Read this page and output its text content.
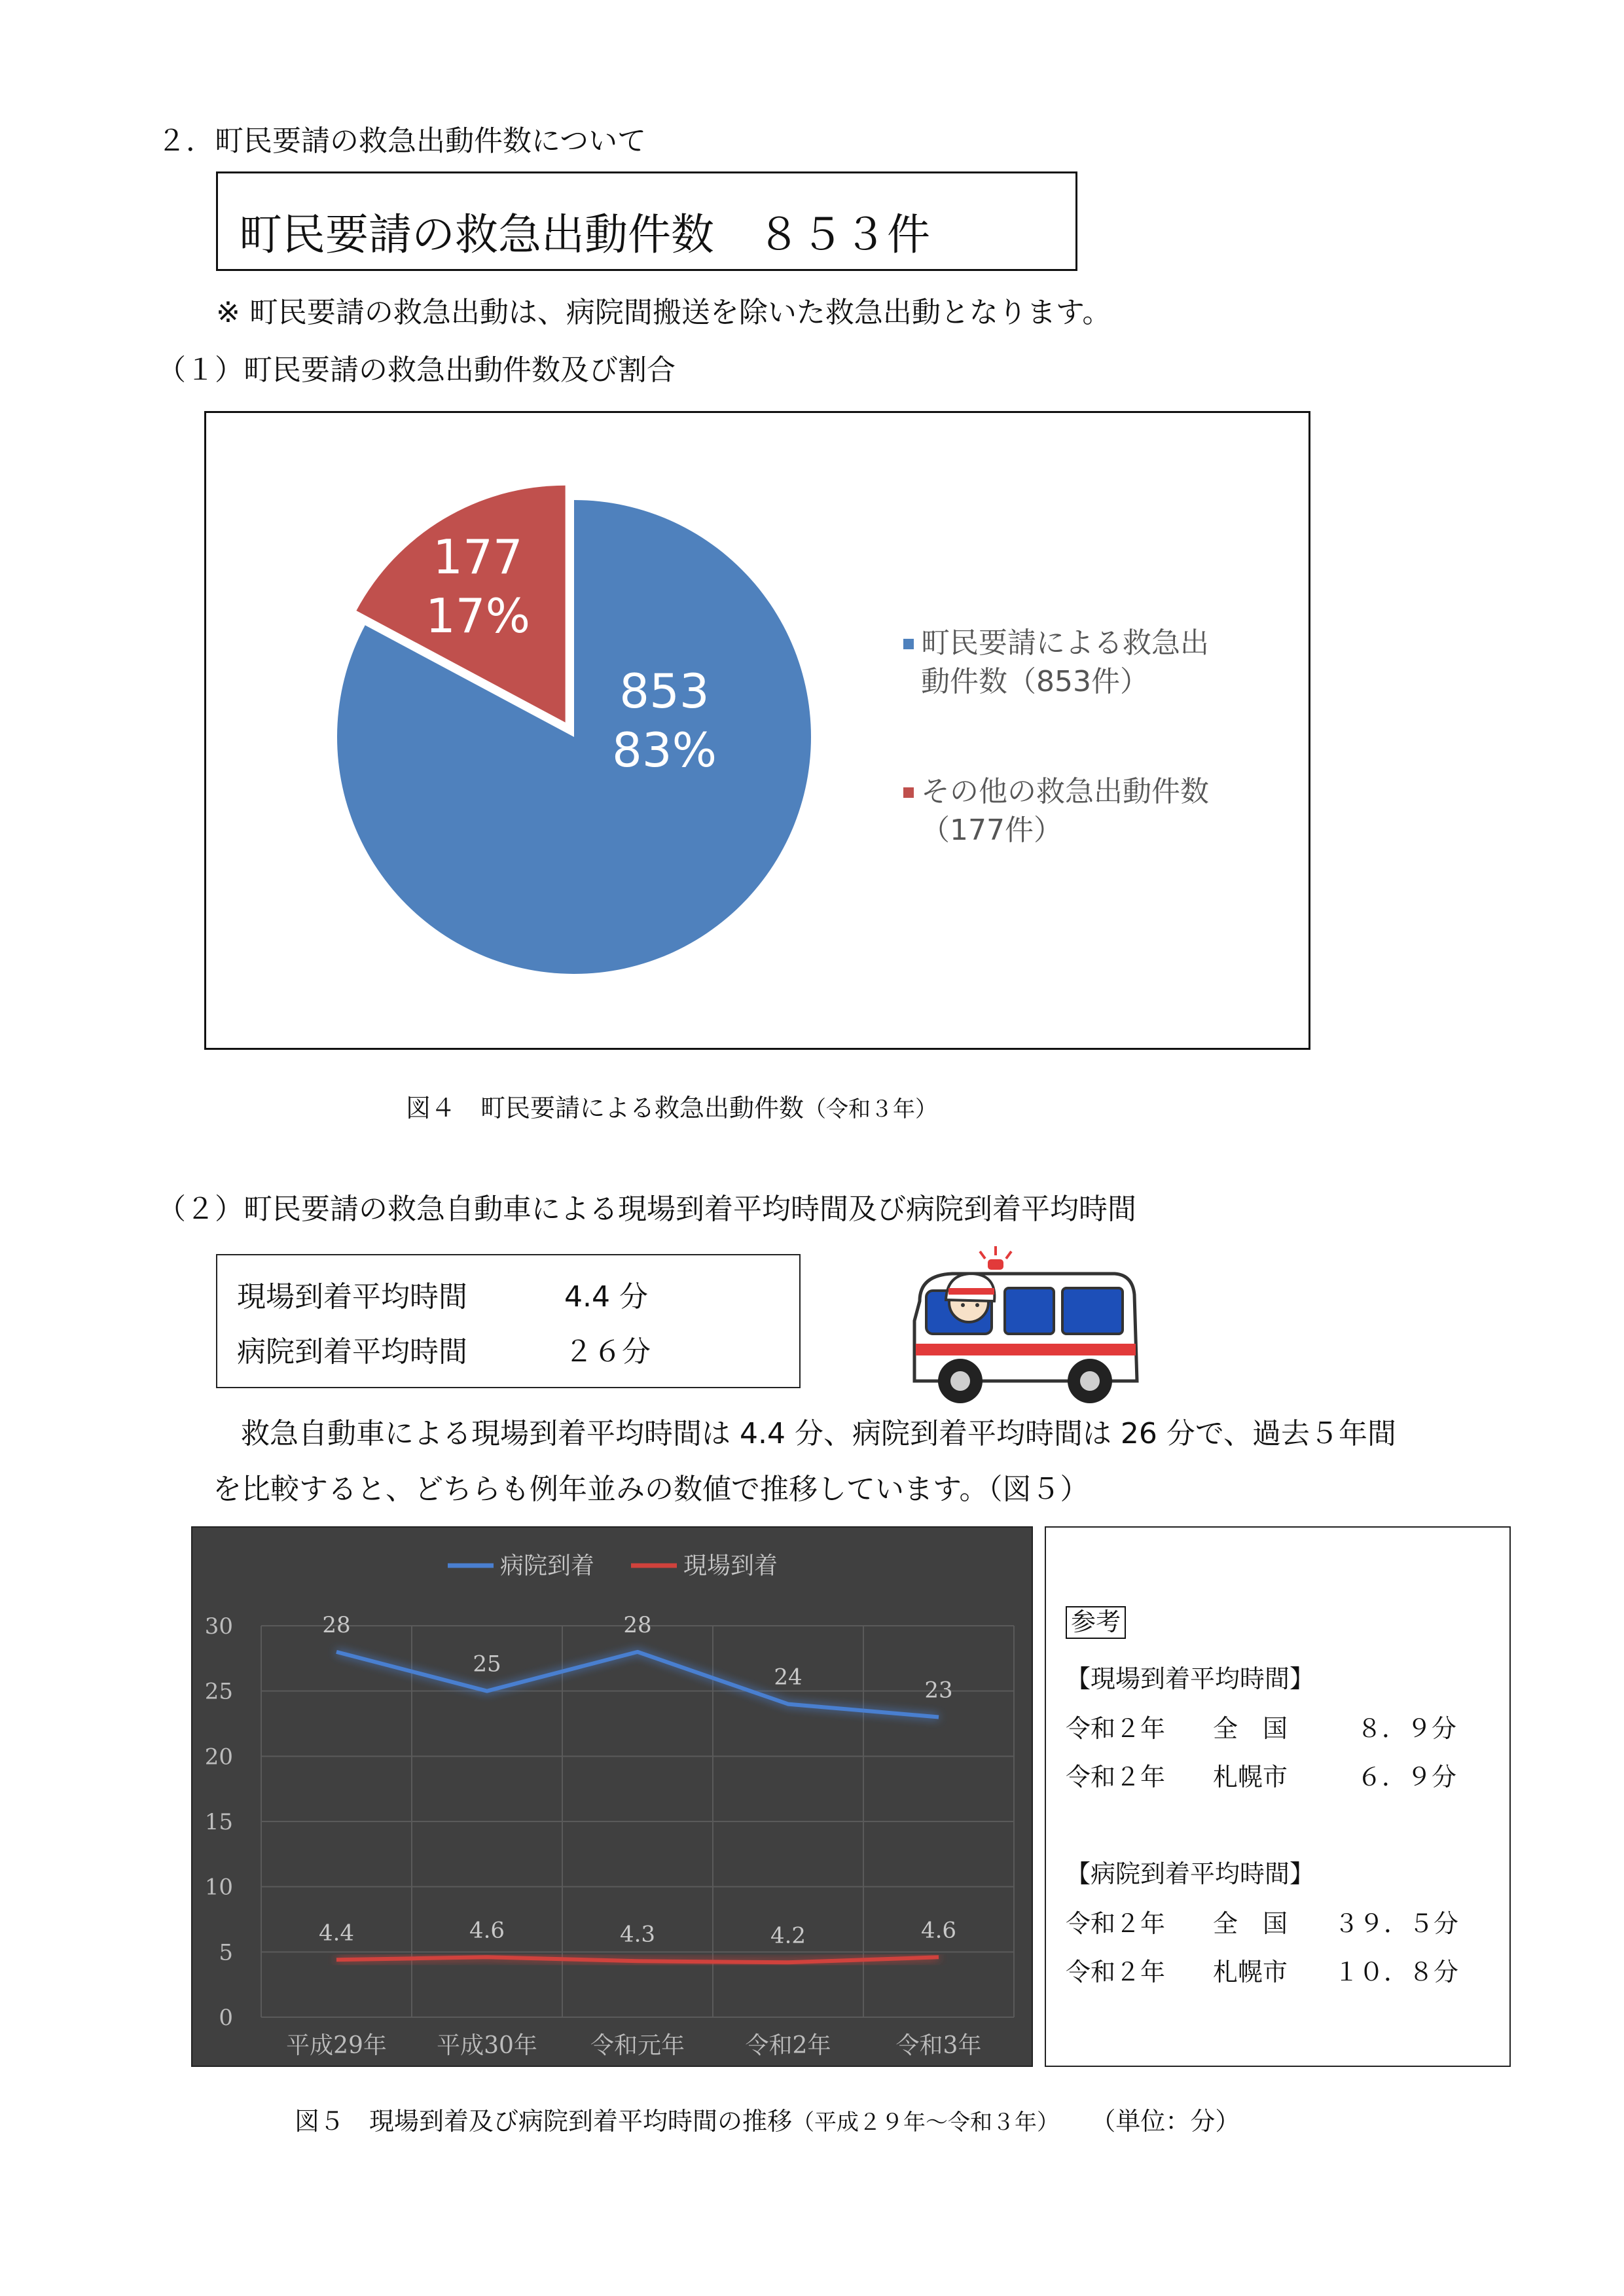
２．町民要請の救急出動件数について
町民要請の救急出動件数　８５３件
※ 町民要請の救急出動は、病院間搬送を除いた救急出動となります。
（１）町民要請の救急出動件数及び割合
853
83%
177
17%	町民要請による救急出
動件数（853件）
その他の救急出動件数
（177件）
図４　町民要請による救急出動件数（令和３年）
（２）町民要請の救急自動車による現場到着平均時間及び病院到着平均時間
現場到着平均時間	4.4 分
病院到着平均時間	２６分
救急自動車による現場到着平均時間は 4.4 分、病院到着平均時間は 26 分で、過去５年間
を比較すると、どちらも例年並みの数値で推移しています。（図５）
0
5
10
15
20
25
30
平成29年 平成30年 令和元年	令和2年	令和3年
28
25
28
24	23
4.4	4.6	4.3	4.2	4.6
病院到着	現場到着
参考
【現場到着平均時間】
令和２年 全　国	８．９分
令和２年 札幌市	６．９分
【病院到着平均時間】
令和２年 全　国 ３９．５分
令和２年 札幌市 １０．８分
図５　現場到着及び病院到着平均時間の推移（平成２９年～令和３年） （単位：分）
